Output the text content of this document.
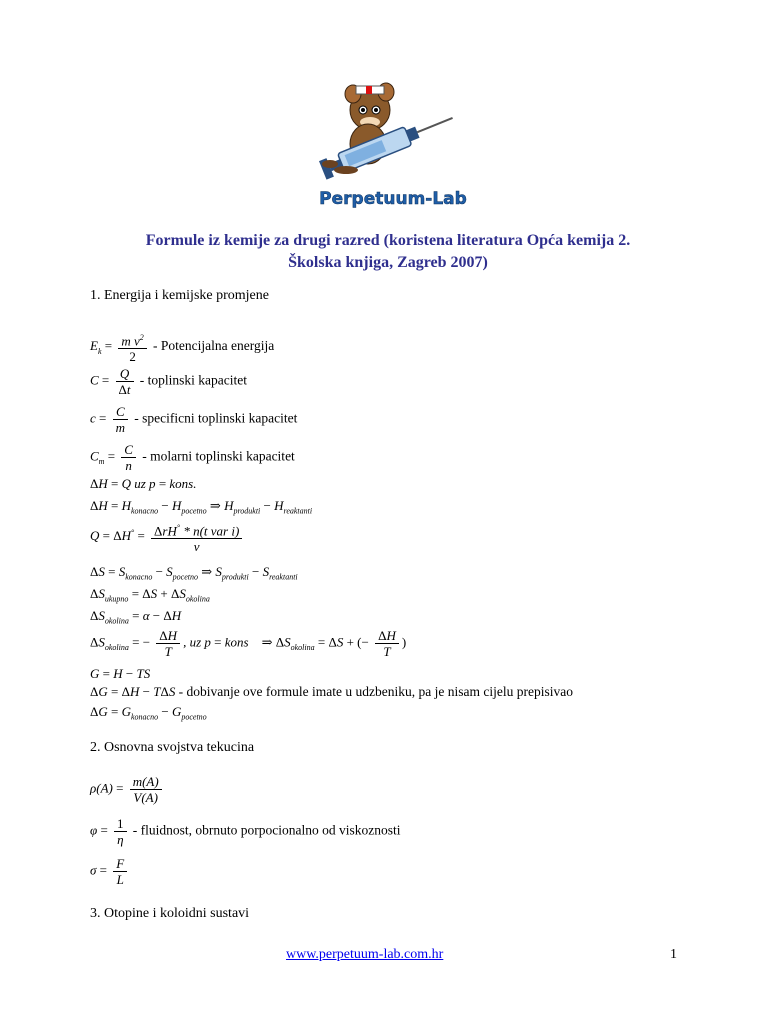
Perpetuum-Lab
Formule iz kemije za drugi razred (koristena literatura Opća kemija 2.
Školska knjiga, Zagreb 2007)
1. Energija i kemijske promjene
$E_k = \frac{m v^2}{2}$ - Potencijalna energija
$C = \frac{Q}{\Delta t}$ - toplinski kapacitet
$c = \frac{C}{m}$ - specificni toplinski kapacitet
$C_m = \frac{C}{n}$ - molarni toplinski kapacitet
ΔH = Q uz p = kons.
$\Delta H = H_{konacno} - H_{pocetno}$ ⇒ $H_{produkti} - H_{reaktanti}$
$Q = \Delta H^\circ = \frac{\Delta rH^\circ * n(t var i)}{\nu}$
$\Delta S = S_{konacno} - S_{pocetno}$ ⇒ $S_{produkti} - S_{reaktanti}$
$\Delta S_{ukupno} = \Delta S + \Delta S_{okolina}$
$\Delta S_{okolina} = \alpha - \Delta H$
$\Delta S_{okolina}$ = − $\frac{\Delta H}{T}$ , uz p = kons    ⇒ $\Delta S_{okolina} = \Delta S$ + (− $\frac{\Delta H}{T}$ )
G = H − TS
ΔG = ΔH − TΔS - dobivanje ove formule imate u udzbeniku, pa je nisam cijelu prepisivao
$\Delta G = G_{konacno} - G_{pocetno}$
2. Osnovna svojstva tekucina
$\rho(A) = \frac{m(A)}{V(A)}$
$\varphi = \frac{1}{\eta}$ - fluidnost, obrnuto porpocionalno od viskoznosti
$\sigma = \frac{F}{L}$
3. Otopine i koloidni sustavi
www.perpetuum-lab.com.hr	1
